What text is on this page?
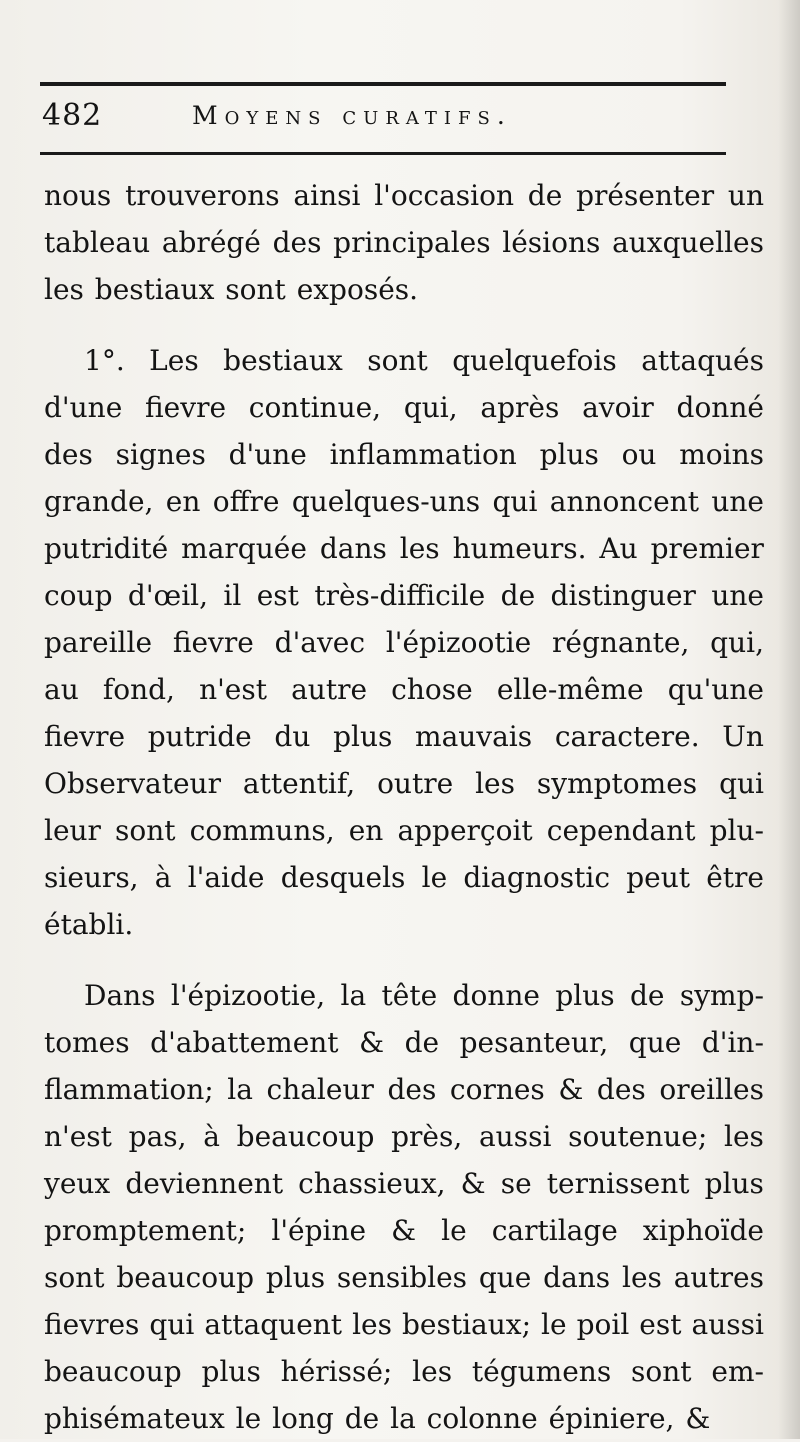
482	Moyens curatifs.
nous trouverons ainsi l'occasion de présenter un
tableau abrégé des principales lésions auxquelles
les bestiaux sont exposés.
1°. Les bestiaux sont quelquefois attaqués
d'une fievre continue, qui, après avoir donné
des signes d'une inflammation plus ou moins
grande, en offre quelques-uns qui annoncent une
putridité marquée dans les humeurs. Au premier
coup d'œil, il est très-difficile de distinguer une
pareille fievre d'avec l'épizootie régnante, qui,
au fond, n'est autre chose elle-même qu'une
fievre putride du plus mauvais caractere. Un
Observateur attentif, outre les symptomes qui
leur sont communs, en apperçoit cependant plu-
sieurs, à l'aide desquels le diagnostic peut être
établi.
Dans l'épizootie, la tête donne plus de symp-
tomes d'abattement & de pesanteur, que d'in-
flammation; la chaleur des cornes & des oreilles
n'est pas, à beaucoup près, aussi soutenue; les
yeux deviennent chassieux, & se ternissent plus
promptement; l'épine & le cartilage xiphoïde
sont beaucoup plus sensibles que dans les autres
fievres qui attaquent les bestiaux; le poil est aussi
beaucoup plus hérissé; les tégumens sont em-
phisémateux le long de la colonne épiniere, &
